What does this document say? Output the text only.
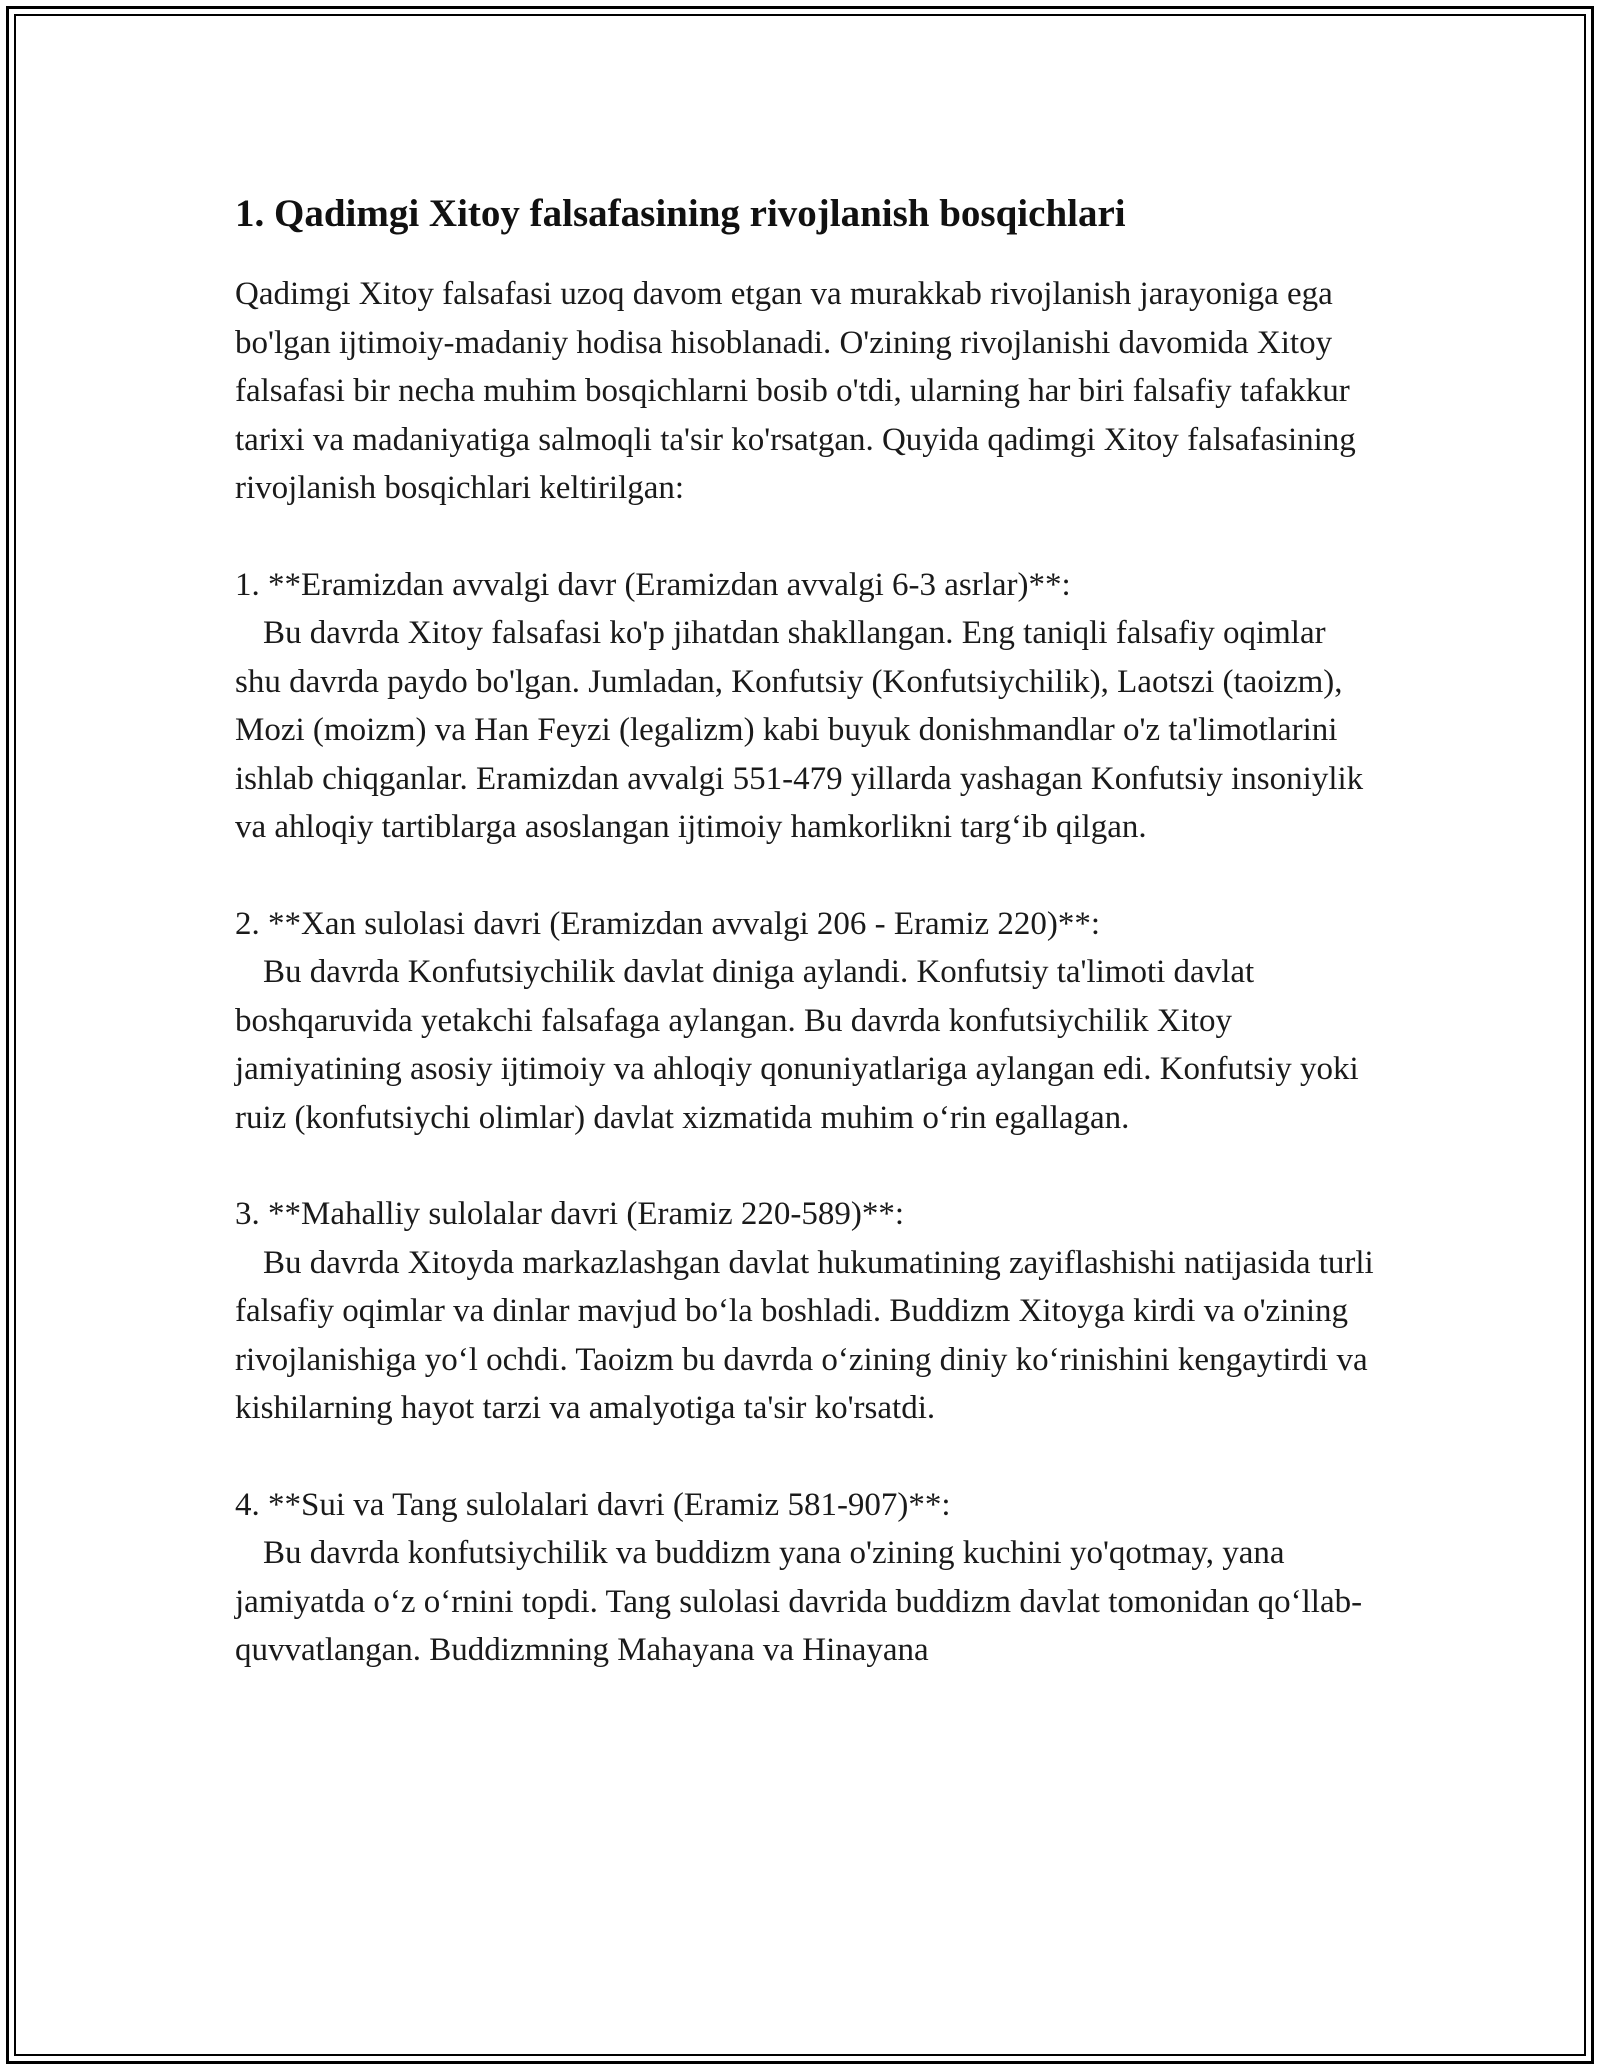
1. Qadimgi Xitoy falsafasining rivojlanish bosqichlari

Qadimgi Xitoy falsafasi uzoq davom etgan va murakkab rivojlanish jarayoniga ega bo'lgan ijtimoiy-madaniy hodisa hisoblanadi. O'zining rivojlanishi davomida Xitoy falsafasi bir necha muhim bosqichlarni bosib o'tdi, ularning har biri falsafiy tafakkur tarixi va madaniyatiga salmoqli ta'sir ko'rsatgan. Quyida qadimgi Xitoy falsafasining rivojlanish bosqichlari keltirilgan:

1. **Eramizdan avvalgi davr (Eramizdan avvalgi 6-3 asrlar)**:

Bu davrda Xitoy falsafasi ko'p jihatdan shakllangan. Eng taniqli falsafiy oqimlar shu davrda paydo bo'lgan. Jumladan, Konfutsiy (Konfutsiychilik), Laotszi (taoizm), Mozi (moizm) va Han Feyzi (legalizm) kabi buyuk donishmandlar o'z ta'limotlarini ishlab chiqganlar. Eramizdan avvalgi 551-479 yillarda yashagan Konfutsiy insoniylik va ahloqiy tartiblarga asoslangan ijtimoiy hamkorlikni targ‘ib qilgan.

2. **Xan sulolasi davri (Eramizdan avvalgi 206 - Eramiz 220)**:

Bu davrda Konfutsiychilik davlat diniga aylandi. Konfutsiy ta'limoti davlat boshqaruvida yetakchi falsafaga aylangan. Bu davrda konfutsiychilik Xitoy jamiyatining asosiy ijtimoiy va ahloqiy qonuniyatlariga aylangan edi. Konfutsiy yoki ruiz (konfutsiychi olimlar) davlat xizmatida muhim o‘rin egallagan.

3. **Mahalliy sulolalar davri (Eramiz 220-589)**:

Bu davrda Xitoyda markazlashgan davlat hukumatining zayiflashishi natijasida turli falsafiy oqimlar va dinlar mavjud bo‘la boshladi. Buddizm Xitoyga kirdi va o'zining rivojlanishiga yo‘l ochdi. Taoizm bu davrda o‘zining diniy ko‘rinishini kengaytirdi va kishilarning hayot tarzi va amalyotiga ta'sir ko'rsatdi.

4. **Sui va Tang sulolalari davri (Eramiz 581-907)**:

Bu davrda konfutsiychilik va buddizm yana o'zining kuchini yo'qotmay, yana jamiyatda o‘z o‘rnini topdi. Tang sulolasi davrida buddizm davlat tomonidan qo‘llab-quvvatlangan. Buddizmning Mahayana va Hinayana
